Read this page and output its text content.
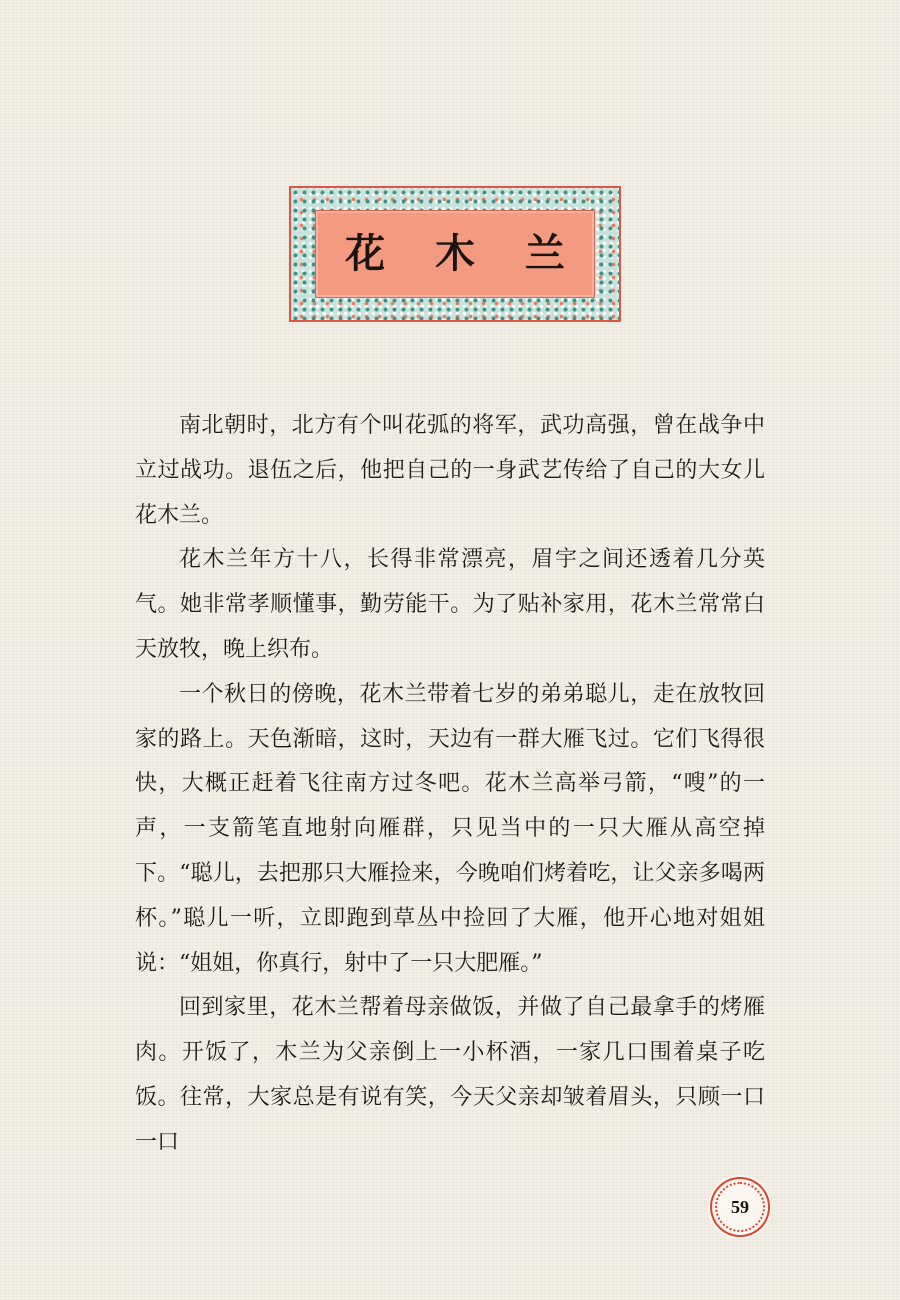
花 木 兰

南北朝时，北方有个叫花弧的将军，武功高强，曾在战争中立过战功。退伍之后，他把自己的一身武艺传给了自己的大女儿花木兰。

花木兰年方十八，长得非常漂亮，眉宇之间还透着几分英气。她非常孝顺懂事，勤劳能干。为了贴补家用，花木兰常常白天放牧，晚上织布。

一个秋日的傍晚，花木兰带着七岁的弟弟聪儿，走在放牧回家的路上。天色渐暗，这时，天边有一群大雁飞过。它们飞得很快，大概正赶着飞往南方过冬吧。花木兰高举弓箭，“嗖”的一声，一支箭笔直地射向雁群，只见当中的一只大雁从高空掉下。“聪儿，去把那只大雁捡来，今晚咱们烤着吃，让父亲多喝两杯。”聪儿一听，立即跑到草丛中捡回了大雁，他开心地对姐姐说：“姐姐，你真行，射中了一只大肥雁。”

回到家里，花木兰帮着母亲做饭，并做了自己最拿手的烤雁肉。开饭了，木兰为父亲倒上一小杯酒，一家几口围着桌子吃饭。往常，大家总是有说有笑，今天父亲却皱着眉头，只顾一口一口

59
